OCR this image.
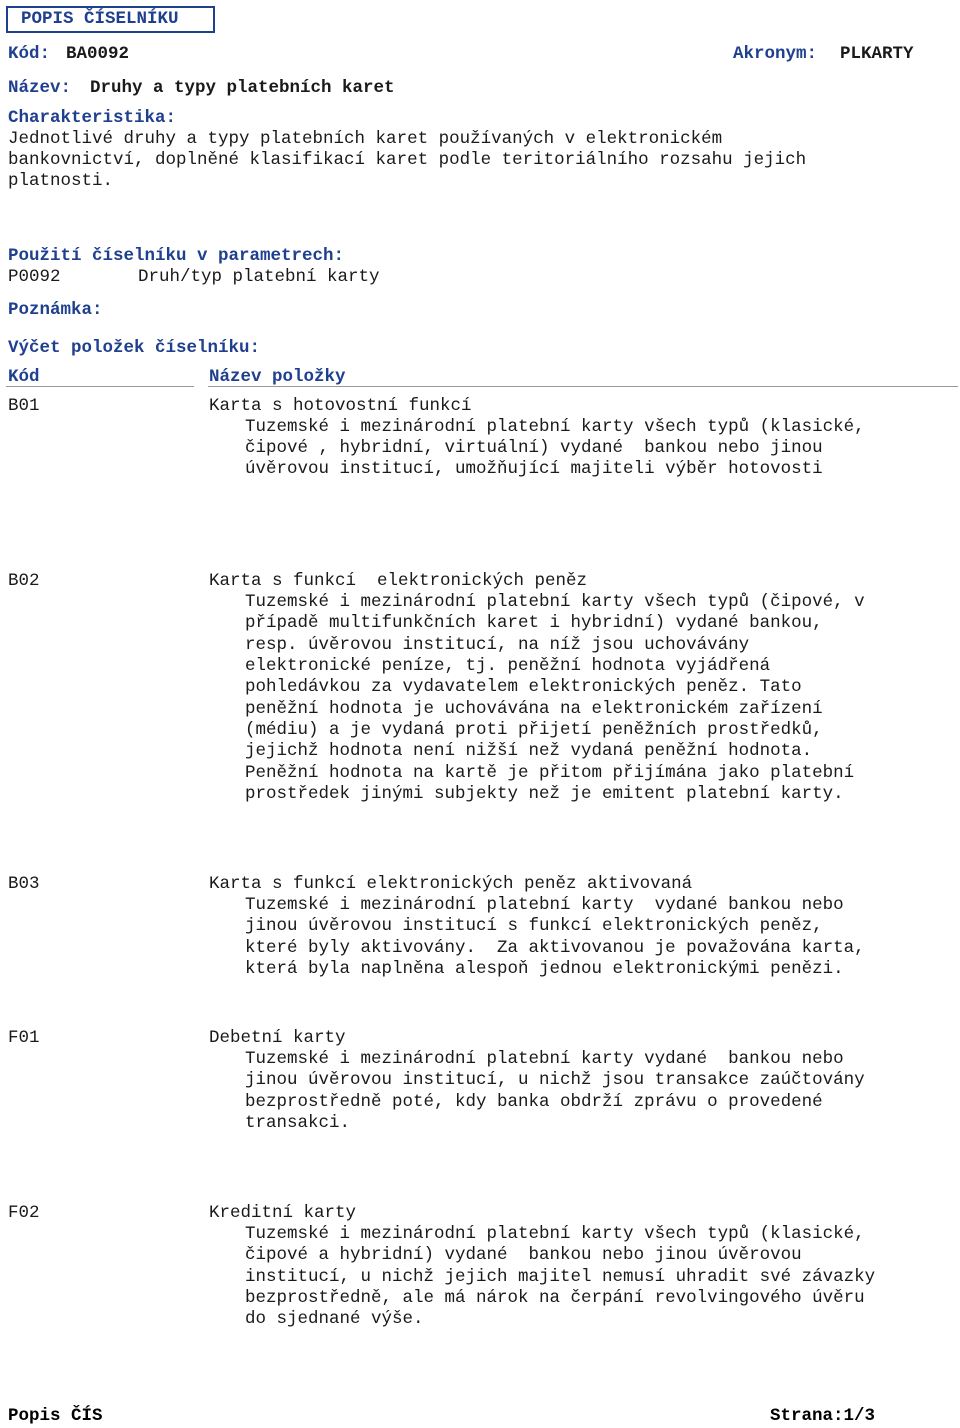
POPIS ČÍSELNÍKU
Kód: BA0092	Akronym: PLKARTY
Název: Druhy a typy platebních karet
Charakteristika:
Jednotlivé druhy a typy platebních karet používaných v elektronickém
bankovnictví, doplněné klasifikací karet podle teritoriálního rozsahu jejich
platnosti.
Použití číselníku v parametrech:
P0092	Druh/typ platební karty
Poznámka:
Výčet položek číselníku:
Kód	Název položky
B01	Karta s hotovostní funkcí
Tuzemské i mezinárodní platební karty všech typů (klasické,
čipové , hybridní, virtuální) vydané  bankou nebo jinou
úvěrovou institucí, umožňující majiteli výběr hotovosti
B02	Karta s funkcí  elektronických peněz
Tuzemské i mezinárodní platební karty všech typů (čipové, v
případě multifunkčních karet i hybridní) vydané bankou,
resp. úvěrovou institucí, na níž jsou uchovávány
elektronické peníze, tj. peněžní hodnota vyjádřená
pohledávkou za vydavatelem elektronických peněz. Tato
peněžní hodnota je uchovávána na elektronickém zařízení
(médiu) a je vydaná proti přijetí peněžních prostředků,
jejichž hodnota není nižší než vydaná peněžní hodnota.
Peněžní hodnota na kartě je přitom přijímána jako platební
prostředek jinými subjekty než je emitent platební karty.
B03	Karta s funkcí elektronických peněz aktivovaná
Tuzemské i mezinárodní platební karty  vydané bankou nebo
jinou úvěrovou institucí s funkcí elektronických peněz,
které byly aktivovány.  Za aktivovanou je považována karta,
která byla naplněna alespoň jednou elektronickými penězi.
F01	Debetní karty
Tuzemské i mezinárodní platební karty vydané  bankou nebo
jinou úvěrovou institucí, u nichž jsou transakce zaúčtovány
bezprostředně poté, kdy banka obdrží zprávu o provedené
transakci.
F02	Kreditní karty
Tuzemské i mezinárodní platební karty všech typů (klasické,
čipové a hybridní) vydané  bankou nebo jinou úvěrovou
institucí, u nichž jejich majitel nemusí uhradit své závazky
bezprostředně, ale má nárok na čerpání revolvingového úvěru
do sjednané výše.
Popis ČÍS	Strana:1/3
